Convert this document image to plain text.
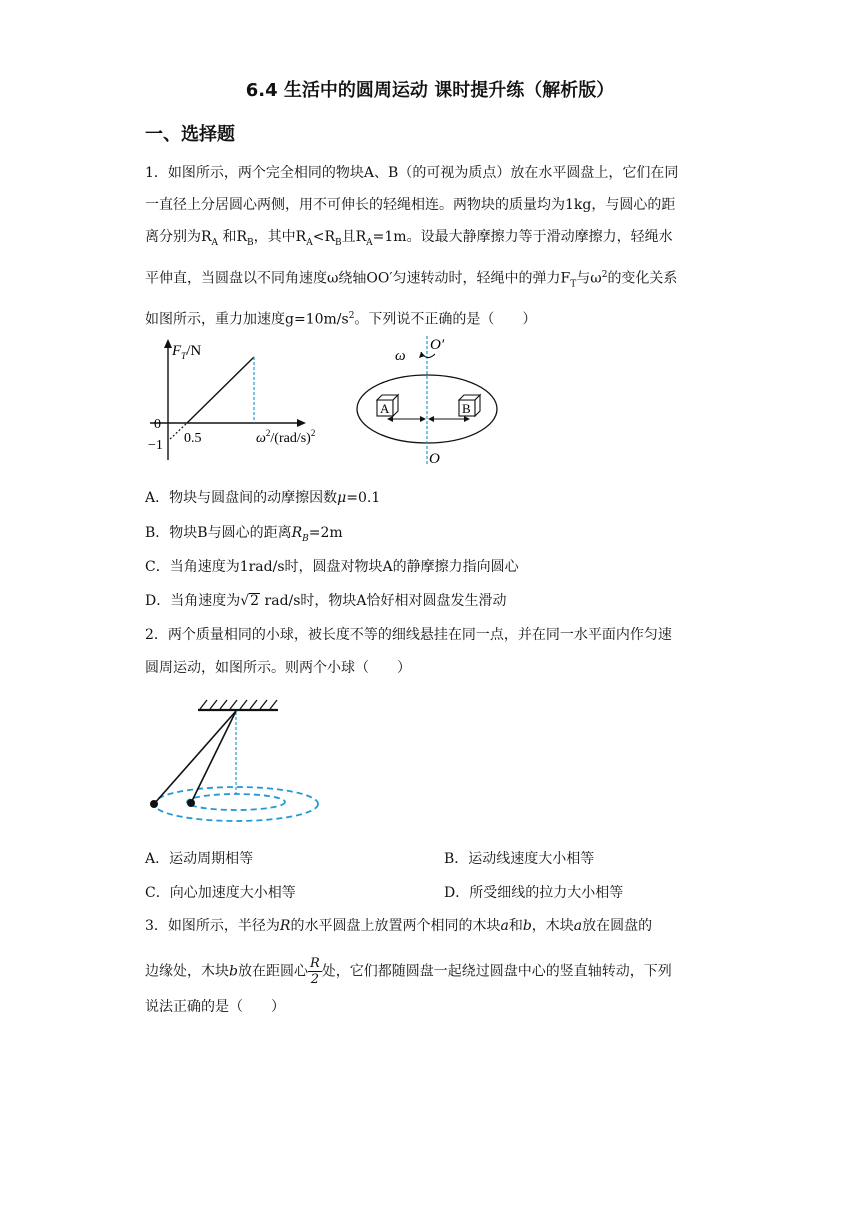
6.4 生活中的圆周运动 课时提升练（解析版）
一、选择题
1．如图所示，两个完全相同的物块A、B（的可视为质点）放在水平圆盘上，它们在同
一直径上分居圆心两侧，用不可伸长的轻绳相连。两物块的质量均为1kg，与圆心的距
离分别为$R_A$ 和$R_B$，其中$R_A<R_B$且$R_A=1m$。设最大静摩擦力等于滑动摩擦力，轻绳水
平伸直，当圆盘以不同角速度ω绕轴OO′匀速转动时，轻绳中的弹力$F_T$与$\omega^2$的变化关系
如图所示，重力加速度$g=10m/s^2$。下列说不正确的是（　　）
$F_T/N$
0
−1 0.5	$\omega^2/(rad/s)^2$
O′
O
ω
A	B
A．物块与圆盘间的动摩擦因数μ=0.1
B．物块B与圆心的距离$R_B=2m$
C．当角速度为1rad/s时，圆盘对物块A的静摩擦力指向圆心
D．当角速度为√2 rad/s时，物块A恰好相对圆盘发生滑动
2．两个质量相同的小球，被长度不等的细线悬挂在同一点，并在同一水平面内作匀速
圆周运动，如图所示。则两个小球（　　）
A．运动周期相等	B．运动线速度大小相等
C．向心加速度大小相等	D．所受细线的拉力大小相等
3．如图所示，半径为R的水平圆盘上放置两个相同的木块a和b，木块a放在圆盘的
边缘处，木块b放在距圆心 $\frac{R}{2}$ 处，它们都随圆盘一起绕过圆盘中心的竖直轴转动，下列
说法正确的是（　　）
